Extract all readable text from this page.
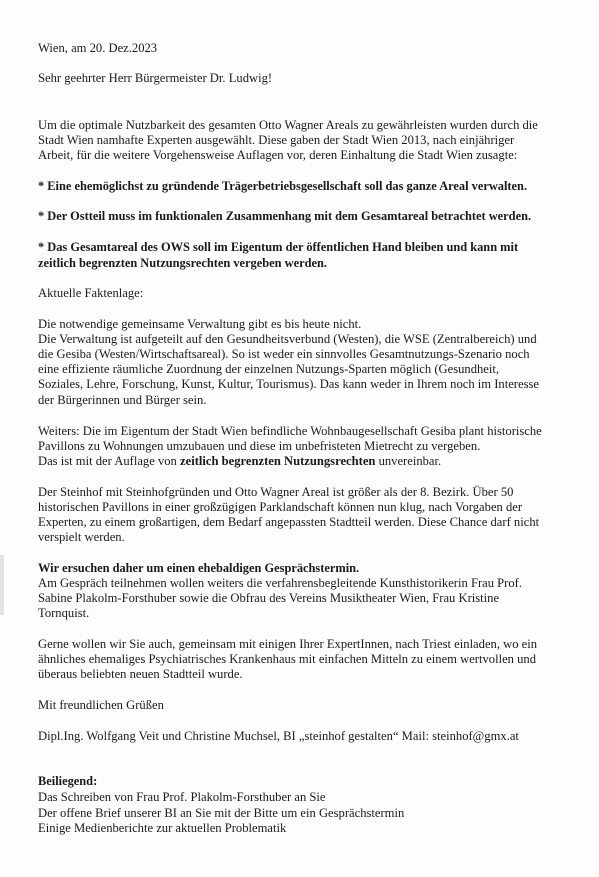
Wien, am 20. Dez.2023

Sehr geehrter Herr Bürgermeister Dr. Ludwig!

Um die optimale Nutzbarkeit des gesamten Otto Wagner Areals zu gewährleisten wurden durch die

Stadt Wien namhafte Experten ausgewählt. Diese gaben der Stadt Wien 2013, nach einjähriger

Arbeit, für die weitere Vorgehensweise Auflagen vor, deren Einhaltung die Stadt Wien zusagte:

* Eine ehemöglichst zu gründende Trägerbetriebsgesellschaft soll das ganze Areal verwalten.

* Der Ostteil muss im funktionalen Zusammenhang mit dem Gesamtareal betrachtet werden.

* Das Gesamtareal des OWS soll im Eigentum der öffentlichen Hand bleiben und kann mit

zeitlich begrenzten Nutzungsrechten vergeben werden.

Aktuelle Faktenlage:

Die notwendige gemeinsame Verwaltung gibt es bis heute nicht.

Die Verwaltung ist aufgeteilt auf den Gesundheitsverbund (Westen), die WSE (Zentralbereich) und

die Gesiba (Westen/Wirtschaftsareal). So ist weder ein sinnvolles Gesamtnutzungs-Szenario noch

eine effiziente räumliche Zuordnung der einzelnen Nutzungs-Sparten möglich (Gesundheit,

Soziales, Lehre, Forschung, Kunst, Kultur, Tourismus). Das kann weder in Ihrem noch im Interesse

der Bürgerinnen und Bürger sein.

Weiters: Die im Eigentum der Stadt Wien befindliche Wohnbaugesellschaft Gesiba plant historische

Pavillons zu Wohnungen umzubauen und diese im unbefristeten Mietrecht zu vergeben.

Das ist mit der Auflage von zeitlich begrenzten Nutzungsrechten unvereinbar.

Der Steinhof mit Steinhofgründen und Otto Wagner Areal ist größer als der 8. Bezirk. Über 50

historischen Pavillons in einer großzügigen Parklandschaft können nun klug, nach Vorgaben der

Experten, zu einem großartigen, dem Bedarf angepassten Stadtteil werden. Diese Chance darf nicht

verspielt werden.

Wir ersuchen daher um einen ehebaldigen Gesprächstermin.

Am Gespräch teilnehmen wollen weiters die verfahrensbegleitende Kunsthistorikerin Frau Prof.

Sabine Plakolm-Forsthuber sowie die Obfrau des Vereins Musiktheater Wien, Frau Kristine

Tornquist.

Gerne wollen wir Sie auch, gemeinsam mit einigen Ihrer ExpertInnen, nach Triest einladen, wo ein

ähnliches ehemaliges Psychiatrisches Krankenhaus mit einfachen Mitteln zu einem wertvollen und

überaus beliebten neuen Stadtteil wurde.

Mit freundlichen Grüßen

Dipl.Ing. Wolfgang Veit und Christine Muchsel, BI „steinhof gestalten“ Mail: steinhof@gmx.at

Beiliegend:

Das Schreiben von Frau Prof. Plakolm-Forsthuber an Sie

Der offene Brief unserer BI an Sie mit der Bitte um ein Gesprächstermin

Einige Medienberichte zur aktuellen Problematik
